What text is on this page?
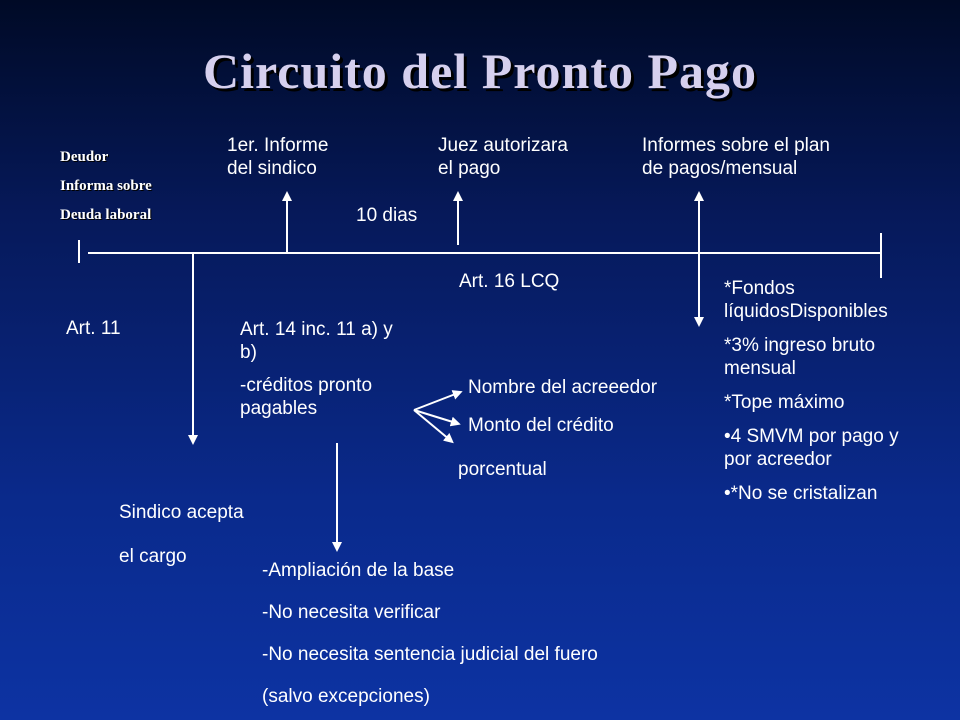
Circuito del Pronto Pago
Deudor
Informa sobre
Deuda laboral

1er. Informe

del sindico

10 dias

Juez autorizara

el pago

Informes sobre el plan

de pagos/mensual

Art. 16 LCQ
Art. 11	Art. 14 inc. 11 a) y

b)

-créditos pronto

pagables

Nombre del acreeedor
Monto del crédito
porcentual

Sindico acepta

el cargo

-Ampliación de la base

-No necesita verificar

-No necesita sentencia judicial del fuero

(salvo excepciones)

*Fondos

líquidosDisponibles

*3% ingreso bruto

mensual

*Tope máximo

•4 SMVM por pago y

por acreedor

•*No se cristalizan
